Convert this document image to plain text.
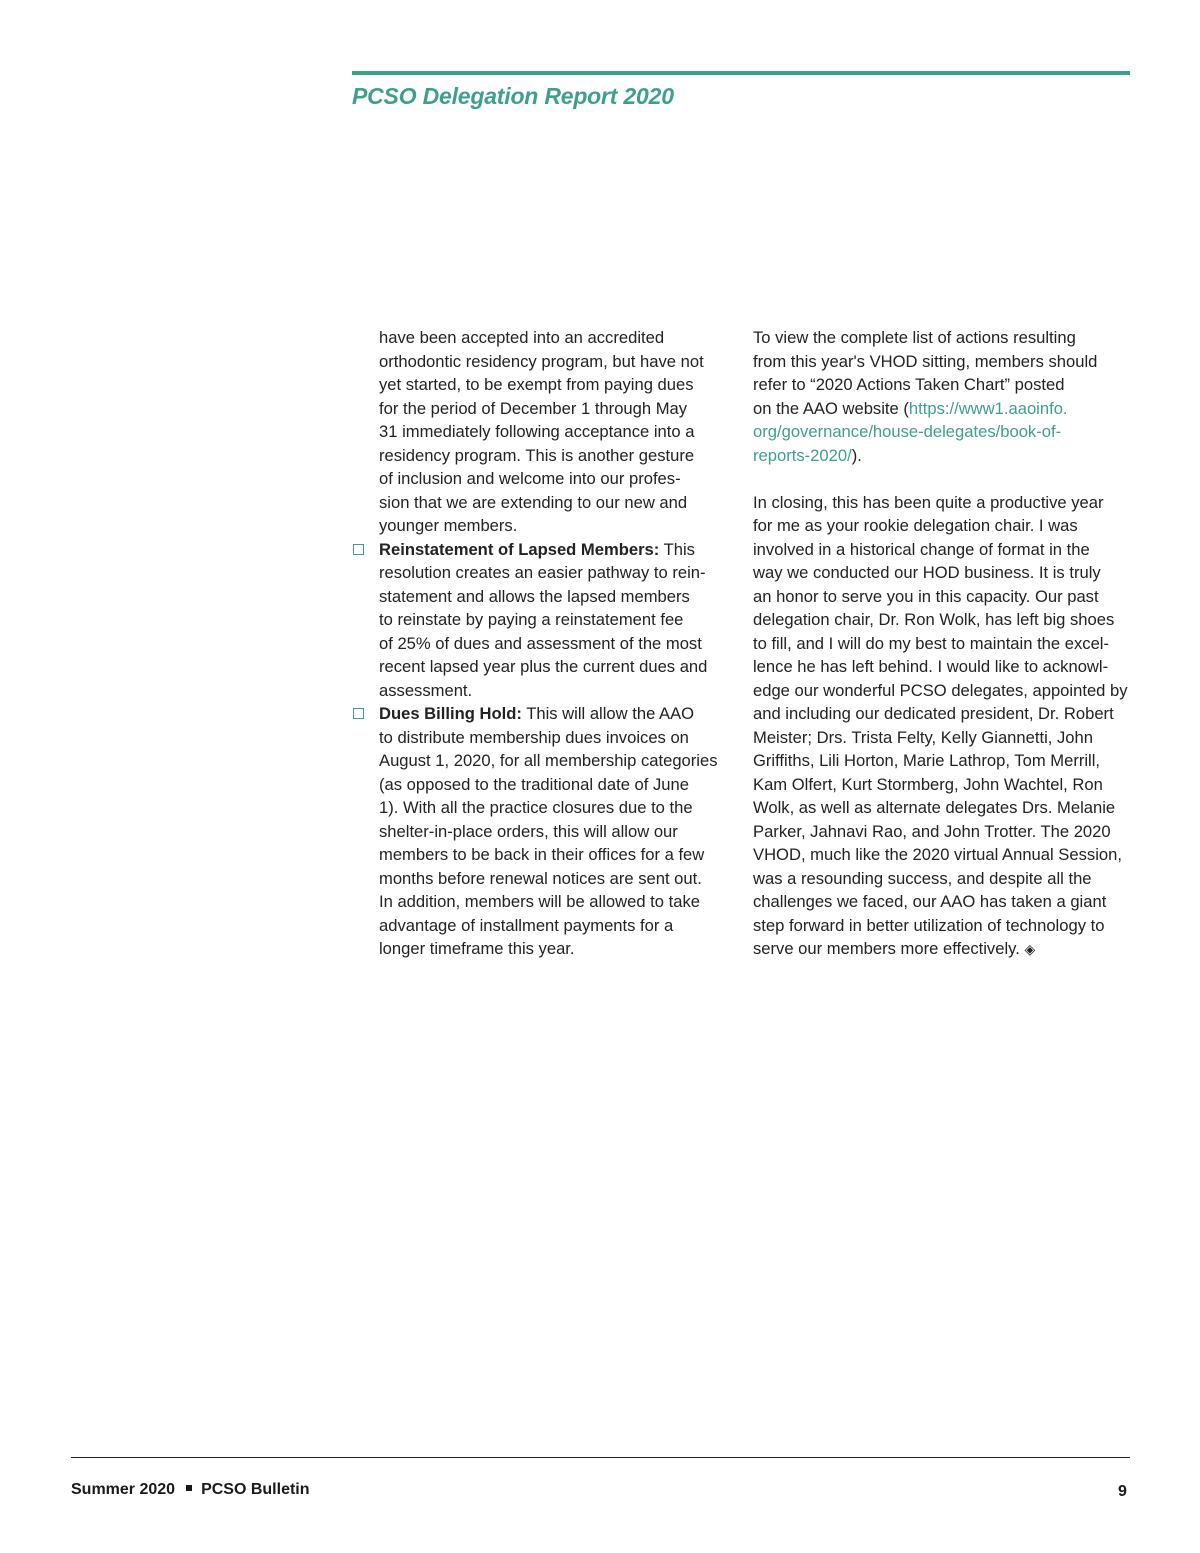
PCSO Delegation Report 2020
have been accepted into an accredited
orthodontic residency program, but have not
yet started, to be exempt from paying dues
for the period of December 1 through May
31 immediately following acceptance into a
residency program. This is another gesture
of inclusion and welcome into our profes-
sion that we are extending to our new and
younger members.
Reinstatement of Lapsed Members: This
resolution creates an easier pathway to rein-
statement and allows the lapsed members
to reinstate by paying a reinstatement fee
of 25% of dues and assessment of the most
recent lapsed year plus the current dues and
assessment.
Dues Billing Hold: This will allow the AAO
to distribute membership dues invoices on
August 1, 2020, for all membership categories
(as opposed to the traditional date of June
1). With all the practice closures due to the
shelter-in-place orders, this will allow our
members to be back in their offices for a few
months before renewal notices are sent out.
In addition, members will be allowed to take
advantage of installment payments for a
longer timeframe this year.
To view the complete list of actions resulting
from this year's VHOD sitting, members should
refer to “2020 Actions Taken Chart” posted
on the AAO website (https://www1.aaoinfo.
org/governance/house-delegates/book-of-
reports-2020/).
In closing, this has been quite a productive year
for me as your rookie delegation chair. I was
involved in a historical change of format in the
way we conducted our HOD business. It is truly
an honor to serve you in this capacity. Our past
delegation chair, Dr. Ron Wolk, has left big shoes
to fill, and I will do my best to maintain the excel-
lence he has left behind. I would like to acknowl-
edge our wonderful PCSO delegates, appointed by
and including our dedicated president, Dr. Robert
Meister; Drs. Trista Felty, Kelly Giannetti, John
Griffiths, Lili Horton, Marie Lathrop, Tom Merrill,
Kam Olfert, Kurt Stormberg, John Wachtel, Ron
Wolk, as well as alternate delegates Drs. Melanie
Parker, Jahnavi Rao, and John Trotter. The 2020
VHOD, much like the 2020 virtual Annual Session,
was a resounding success, and despite all the
challenges we faced, our AAO has taken a giant
step forward in better utilization of technology to
serve our members more effectively. ◈
Summer 2020 PCSO Bulletin	9
